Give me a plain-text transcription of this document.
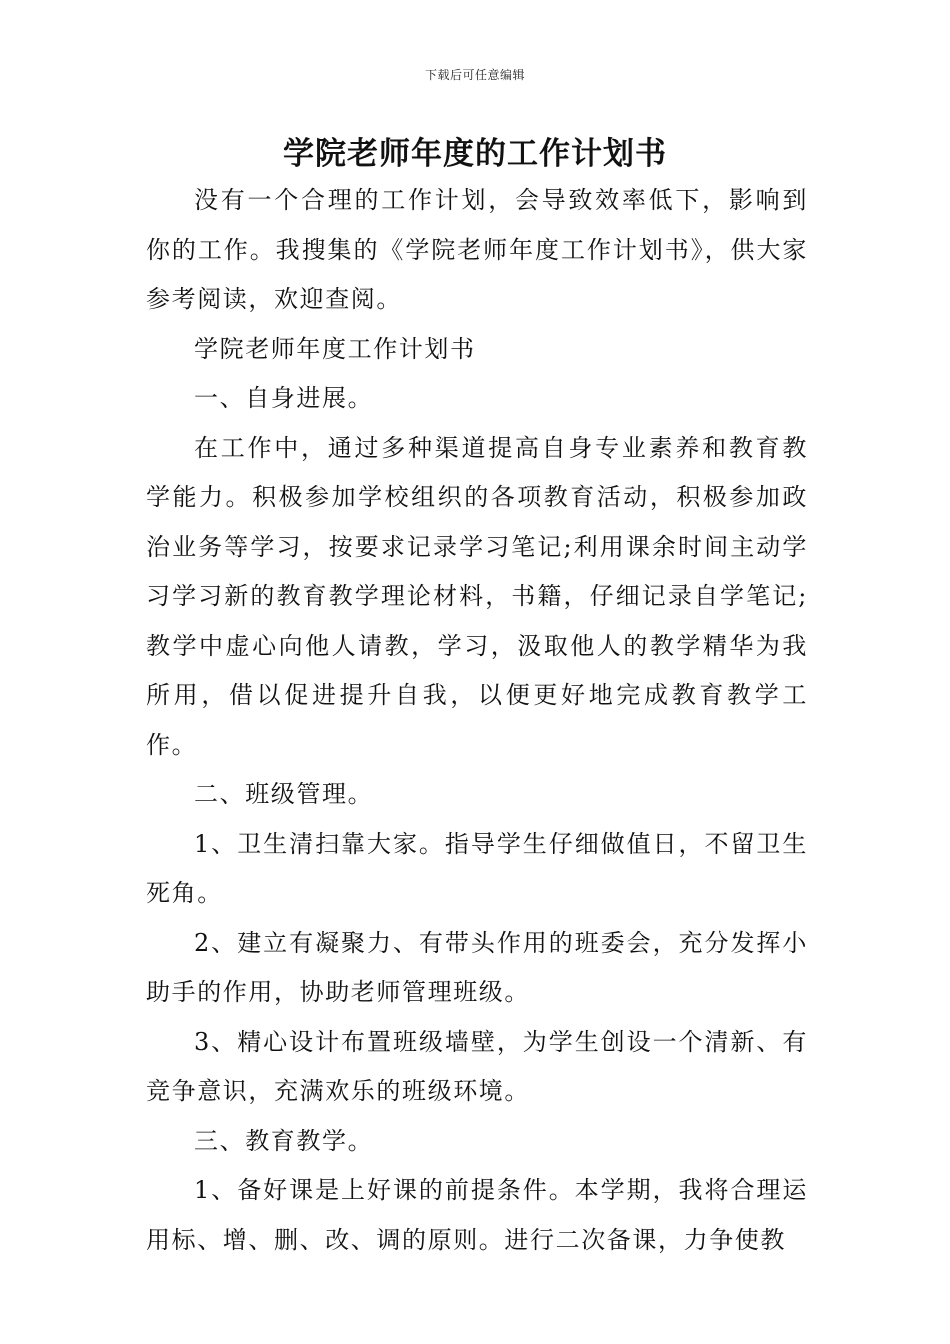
下载后可任意编辑
学院老师年度的工作计划书

没有一个合理的工作计划，会导致效率低下，影响到你的工作。我搜集的《学院老师年度工作计划书》，供大家参考阅读，欢迎查阅。

学院老师年度工作计划书

一、自身进展。

在工作中，通过多种渠道提高自身专业素养和教育教学能力。积极参加学校组织的各项教育活动，积极参加政治业务等学习，按要求记录学习笔记;利用课余时间主动学习学习新的教育教学理论材料，书籍，仔细记录自学笔记;教学中虚心向他人请教，学习，汲取他人的教学精华为我所用，借以促进提升自我，以便更好地完成教育教学工作。

二、班级管理。

1、卫生清扫靠大家。指导学生仔细做值日，不留卫生死角。

2、建立有凝聚力、有带头作用的班委会，充分发挥小助手的作用，协助老师管理班级。

3、精心设计布置班级墙壁，为学生创设一个清新、有竞争意识，充满欢乐的班级环境。

三、教育教学。

1、备好课是上好课的前提条件。本学期，我将合理运用标、增、删、改、调的原则。进行二次备课，力争使教
